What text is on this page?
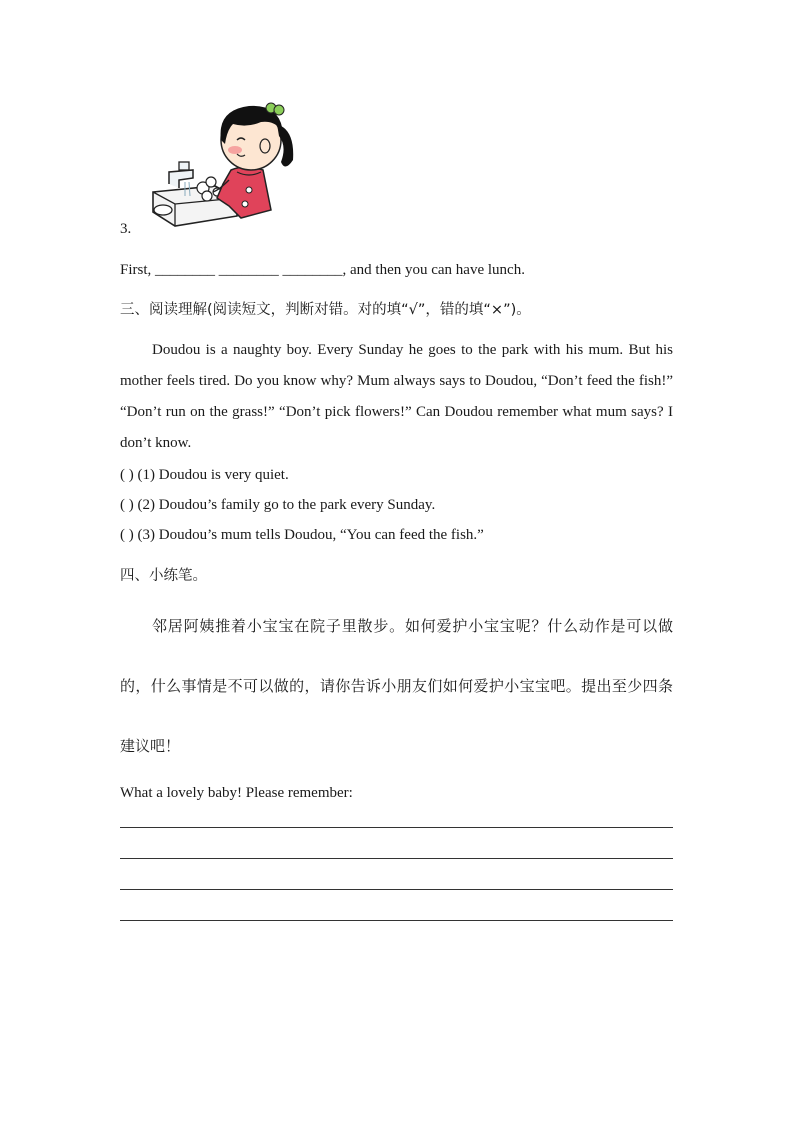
3.
First, ________ ________ ________, and then you can have lunch.
三、阅读理解(阅读短文，判断对错。对的填“√”，错的填“×”)。
Doudou is a naughty boy. Every Sunday he goes to the park with his mum. But his mother feels tired. Do you know why? Mum always says to Doudou, “Don’t feed the fish!” “Don’t run on the grass!” “Don’t pick flowers!” Can Doudou remember what mum says? I don’t know.
( ) (1) Doudou is very quiet.
( ) (2) Doudou’s family go to the park every Sunday.
( ) (3) Doudou’s mum tells Doudou, “You can feed the fish.”
四、小练笔。
邻居阿姨推着小宝宝在院子里散步。如何爱护小宝宝呢？什么动作是可以做的，什么事情是不可以做的，请你告诉小朋友们如何爱护小宝宝吧。提出至少四条建议吧！
What a lovely baby! Please remember:
